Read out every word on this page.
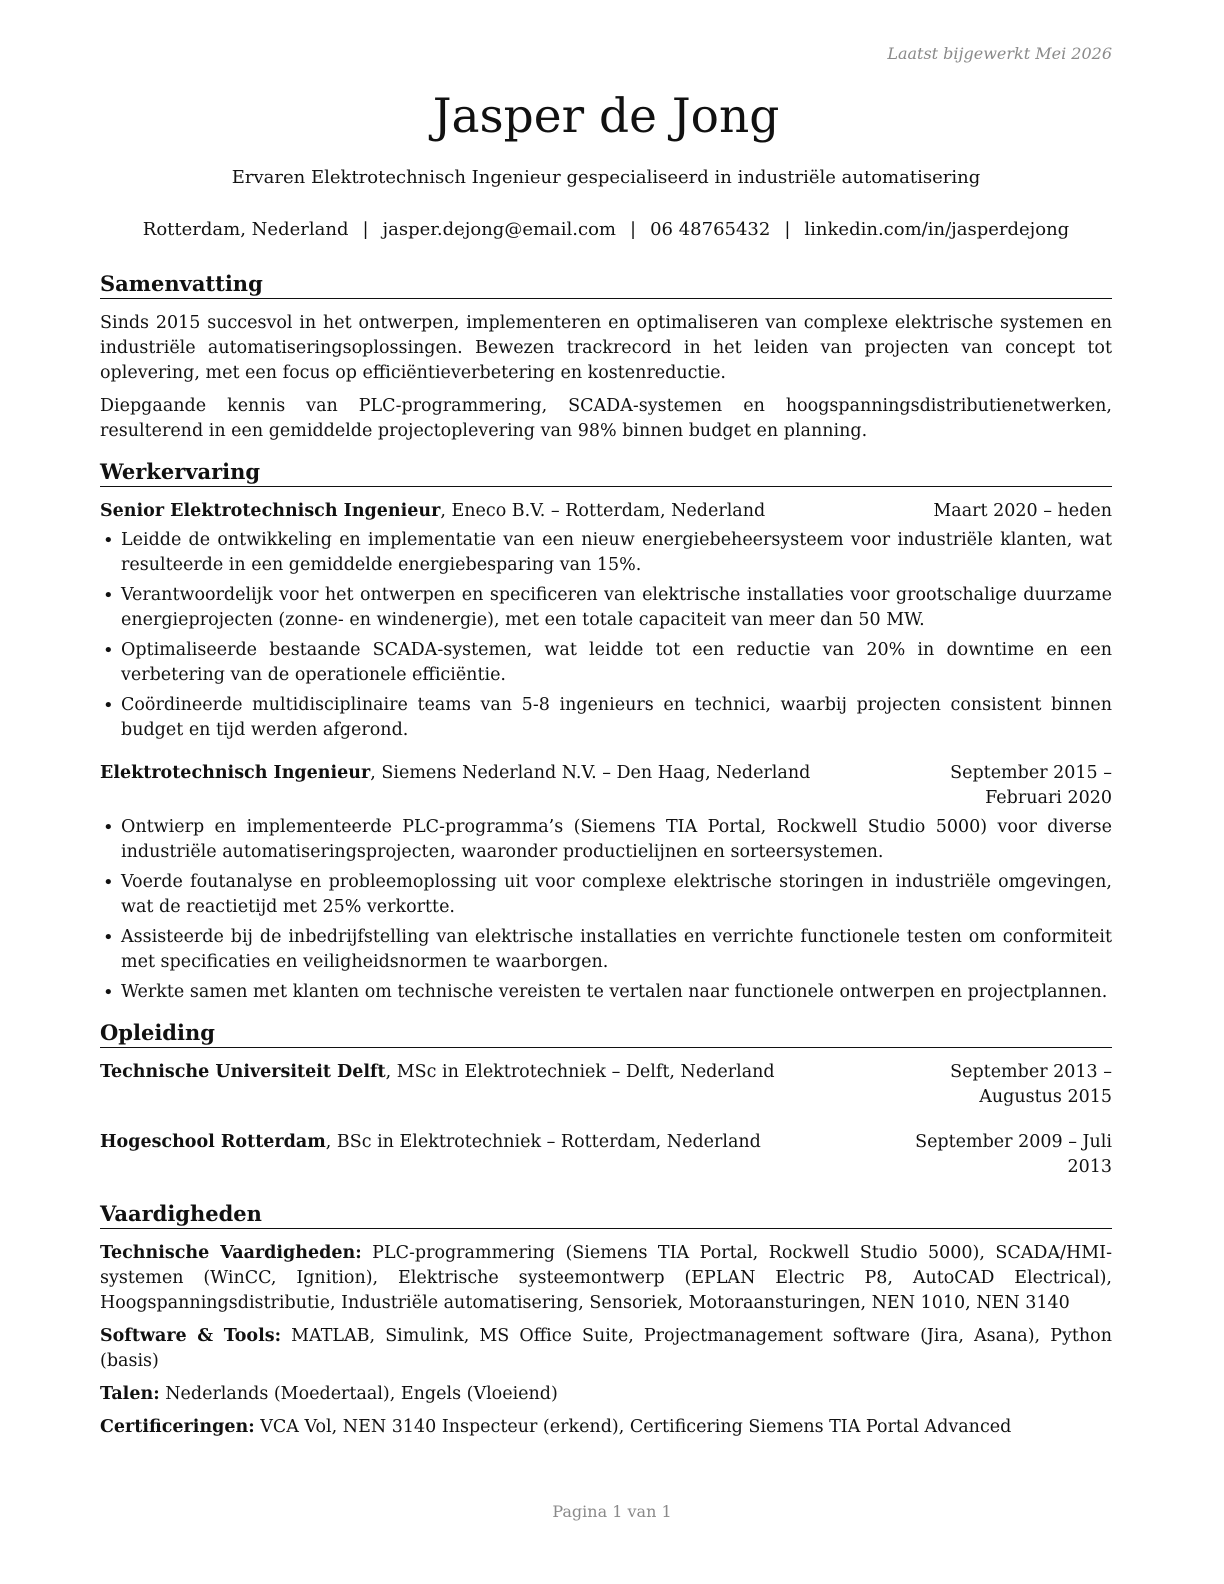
Laatst bijgewerkt Mei 2026
Jasper de Jong
Ervaren Elektrotechnisch Ingenieur gespecialiseerd in industriële automatisering
Rotterdam, Nederland | jasper.dejong@email.com | 06 48765432 | linkedin.com/in/jasperdejong
Samenvatting

Sinds 2015 succesvol in het ontwerpen, implementeren en optimaliseren van complexe elektrische systemen en industriële automatiseringsoplossingen. Bewezen trackrecord in het leiden van projecten van concept tot oplevering, met een focus op efficiëntieverbetering en kostenreductie.

Diepgaande kennis van PLC-programmering, SCADA-systemen en hoogspanningsdistributienetwerken, resulterend in een gemiddelde projectoplevering van 98% binnen budget en planning.

Werkervaring
Senior Elektrotechnisch Ingenieur, Eneco B.V. – Rotterdam, Nederland	Maart 2020 – heden
• Leidde de ontwikkeling en implementatie van een nieuw energiebeheersysteem voor industriële klanten, wat resulteerde in een gemiddelde energiebesparing van 15%.
• Verantwoordelijk voor het ontwerpen en specificeren van elektrische installaties voor grootschalige duurzame energieprojecten (zonne- en windenergie), met een totale capaciteit van meer dan 50 MW.
• Optimaliseerde bestaande SCADA-systemen, wat leidde tot een reductie van 20% in downtime en een verbetering van de operationele efficiëntie.
• Coördineerde multidisciplinaire teams van 5-8 ingenieurs en technici, waarbij projecten consistent binnen budget en tijd werden afgerond.
Elektrotechnisch Ingenieur, Siemens Nederland N.V. – Den Haag, Nederland	September 2015 – Februari 2020
• Ontwierp en implementeerde PLC-programma’s (Siemens TIA Portal, Rockwell Studio 5000) voor diverse industriële automatiseringsprojecten, waaronder productielijnen en sorteersystemen.
• Voerde foutanalyse en probleemoplossing uit voor complexe elektrische storingen in industriële omgevingen, wat de reactietijd met 25% verkortte.
• Assisteerde bij de inbedrijfstelling van elektrische installaties en verrichte functionele testen om conformiteit met specificaties en veiligheidsnormen te waarborgen.
• Werkte samen met klanten om technische vereisten te vertalen naar functionele ontwerpen en projectplannen.
Opleiding
Technische Universiteit Delft, MSc in Elektrotechniek – Delft, Nederland	September 2013 – Augustus 2015
Hogeschool Rotterdam, BSc in Elektrotechniek – Rotterdam, Nederland	September 2009 – Juli 2013
Vaardigheden
Technische Vaardigheden: PLC-programmering (Siemens TIA Portal, Rockwell Studio 5000), SCADA/HMI-systemen (WinCC, Ignition), Elektrische systeemontwerp (EPLAN Electric P8, AutoCAD Electrical), Hoogspanningsdistributie, Industriële automatisering, Sensoriek, Motoraansturingen, NEN 1010, NEN 3140
Software & Tools: MATLAB, Simulink, MS Office Suite, Projectmanagement software (Jira, Asana), Python (basis)
Talen: Nederlands (Moedertaal), Engels (Vloeiend)
Certificeringen: VCA Vol, NEN 3140 Inspecteur (erkend), Certificering Siemens TIA Portal Advanced
Pagina 1 van 1
